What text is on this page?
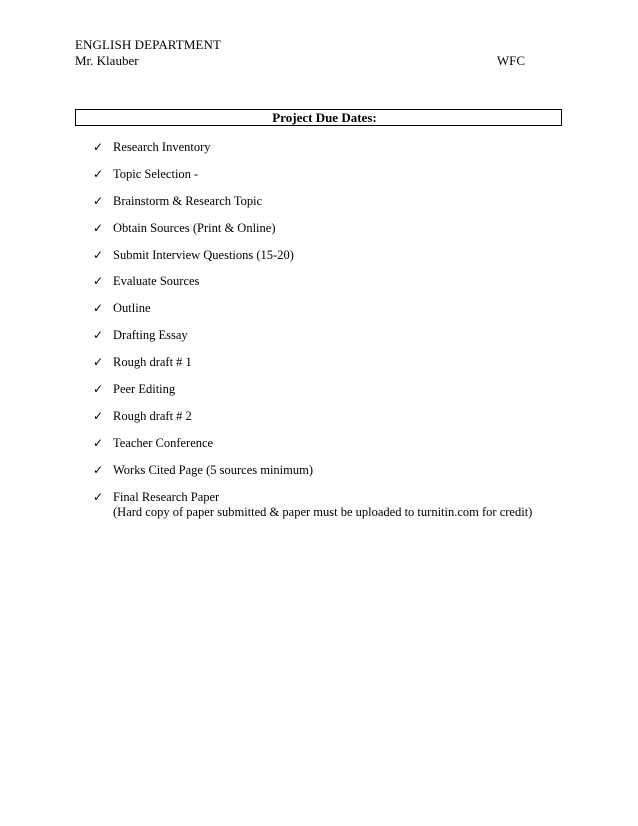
ENGLISH DEPARTMENT
Mr. Klauber	WFC
Project Due Dates:
✓ Research Inventory
✓ Topic Selection -
✓ Brainstorm & Research Topic
✓ Obtain Sources (Print & Online)
✓ Submit Interview Questions (15-20)
✓ Evaluate Sources
✓ Outline
✓ Drafting Essay
✓ Rough draft # 1
✓ Peer Editing
✓ Rough draft # 2
✓ Teacher Conference
✓ Works Cited Page (5 sources minimum)
✓ Final Research Paper
(Hard copy of paper submitted & paper must be uploaded to turnitin.com for credit)
